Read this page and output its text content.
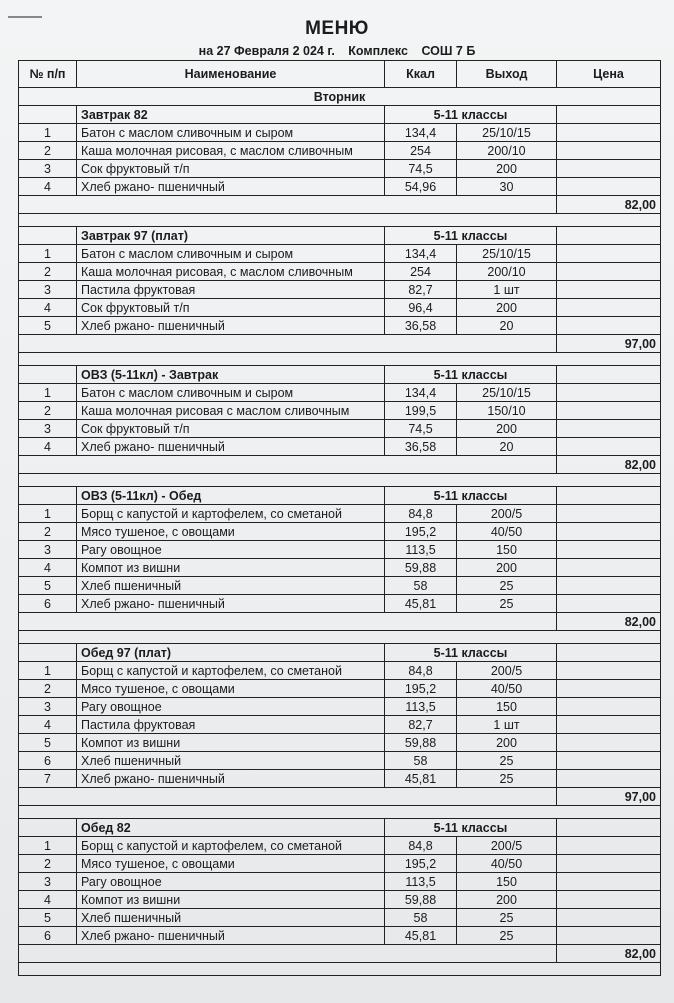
МЕНЮ
на 27 Февраля 2 024 г. Комплекс СОШ 7 Б
№ п/п	Наименование	Ккал	Выход	Цена
Вторник				
	Завтрак 82	5-11 классы		
1	Батон с маслом сливочным и сыром	134,4	25/10/15	
2	Каша молочная рисовая, с маслом сливочным	254	200/10	
3	Сок фруктовый т/п	74,5	200	
4	Хлеб ржано- пшеничный	54,96	30	
				82,00

	Завтрак 97 (плат)	5-11 классы		
1	Батон с маслом сливочным и сыром	134,4	25/10/15	
2	Каша молочная рисовая, с маслом сливочным	254	200/10	
3	Пастила фруктовая	82,7	1 шт	
4	Сок фруктовый т/п	96,4	200	
5	Хлеб ржано- пшеничный	36,58	20	
				97,00

	ОВЗ (5-11кл) - Завтрак	5-11 классы		
1	Батон с маслом сливочным и сыром	134,4	25/10/15	
2	Каша молочная рисовая с маслом сливочным	199,5	150/10	
3	Сок фруктовый т/п	74,5	200	
4	Хлеб ржано- пшеничный	36,58	20	
				82,00

	ОВЗ (5-11кл) - Обед	5-11 классы		
1	Борщ с капустой и картофелем, со сметаной	84,8	200/5	
2	Мясо тушеное, с овощами	195,2	40/50	
3	Рагу овощное	113,5	150	
4	Компот из вишни	59,88	200	
5	Хлеб пшеничный	58	25	
6	Хлеб ржано- пшеничный	45,81	25	
				82,00

	Обед 97 (плат)	5-11 классы		
1	Борщ с капустой и картофелем, со сметаной	84,8	200/5	
2	Мясо тушеное, с овощами	195,2	40/50	
3	Рагу овощное	113,5	150	
4	Пастила фруктовая	82,7	1 шт	
5	Компот из вишни	59,88	200	
6	Хлеб пшеничный	58	25	
7	Хлеб ржано- пшеничный	45,81	25	
				97,00

	Обед 82	5-11 классы		
1	Борщ с капустой и картофелем, со сметаной	84,8	200/5	
2	Мясо тушеное, с овощами	195,2	40/50	
3	Рагу овощное	113,5	150	
4	Компот из вишни	59,88	200	
5	Хлеб пшеничный	58	25	
6	Хлеб ржано- пшеничный	45,81	25	
				82,00
